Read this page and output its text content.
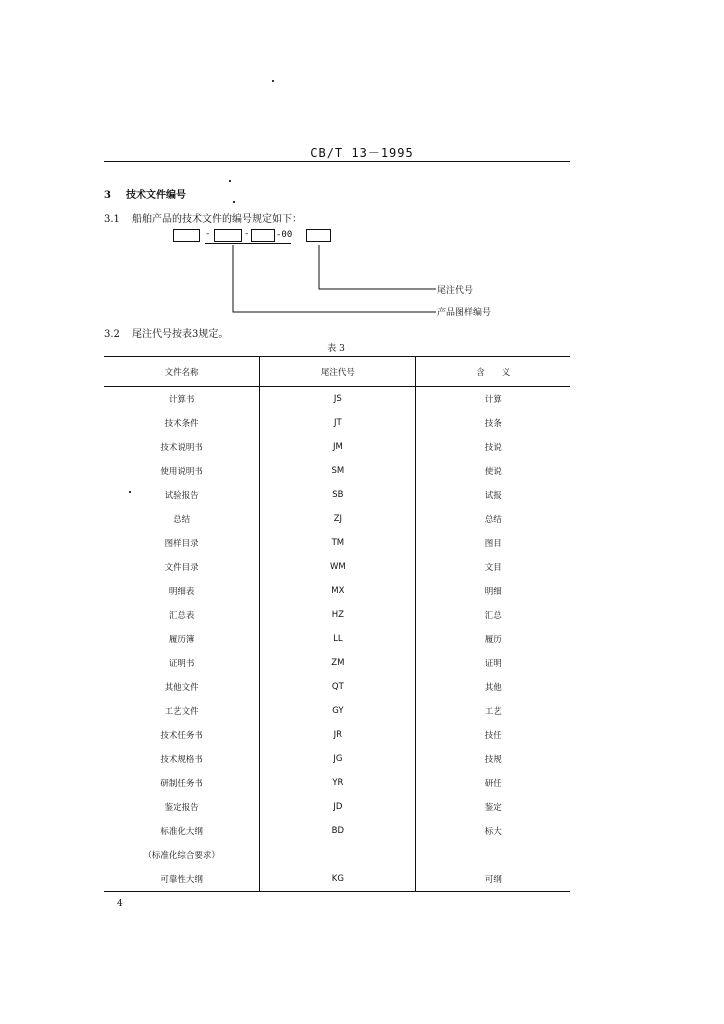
CB/T 13－1995
3 技术文件编号
3.1 船舶产品的技术文件的编号规定如下：
-	-	-00
尾注代号
产品图样编号
3.2 尾注代号按表3规定。
表 3
文件名称	尾注代号	含　　义
计算书	JS	计算
技术条件	JT	技条
技术说明书	JM	技说
使用说明书	SM	使说
试验报告	SB	试报
总结	ZJ	总结
图样目录	TM	图目
文件目录	WM	文目
明细表	MX	明细
汇总表	HZ	汇总
履历簿	LL	履历
证明书	ZM	证明
其他文件	QT	其他
工艺文件	GY	工艺
技术任务书	JR	技任
技术规格书	JG	技规
研制任务书	YR	研任
鉴定报告	JD	鉴定
标准化大纲	BD	标大
（标准化综合要求）		
可靠性大纲	KG	可纲
4
